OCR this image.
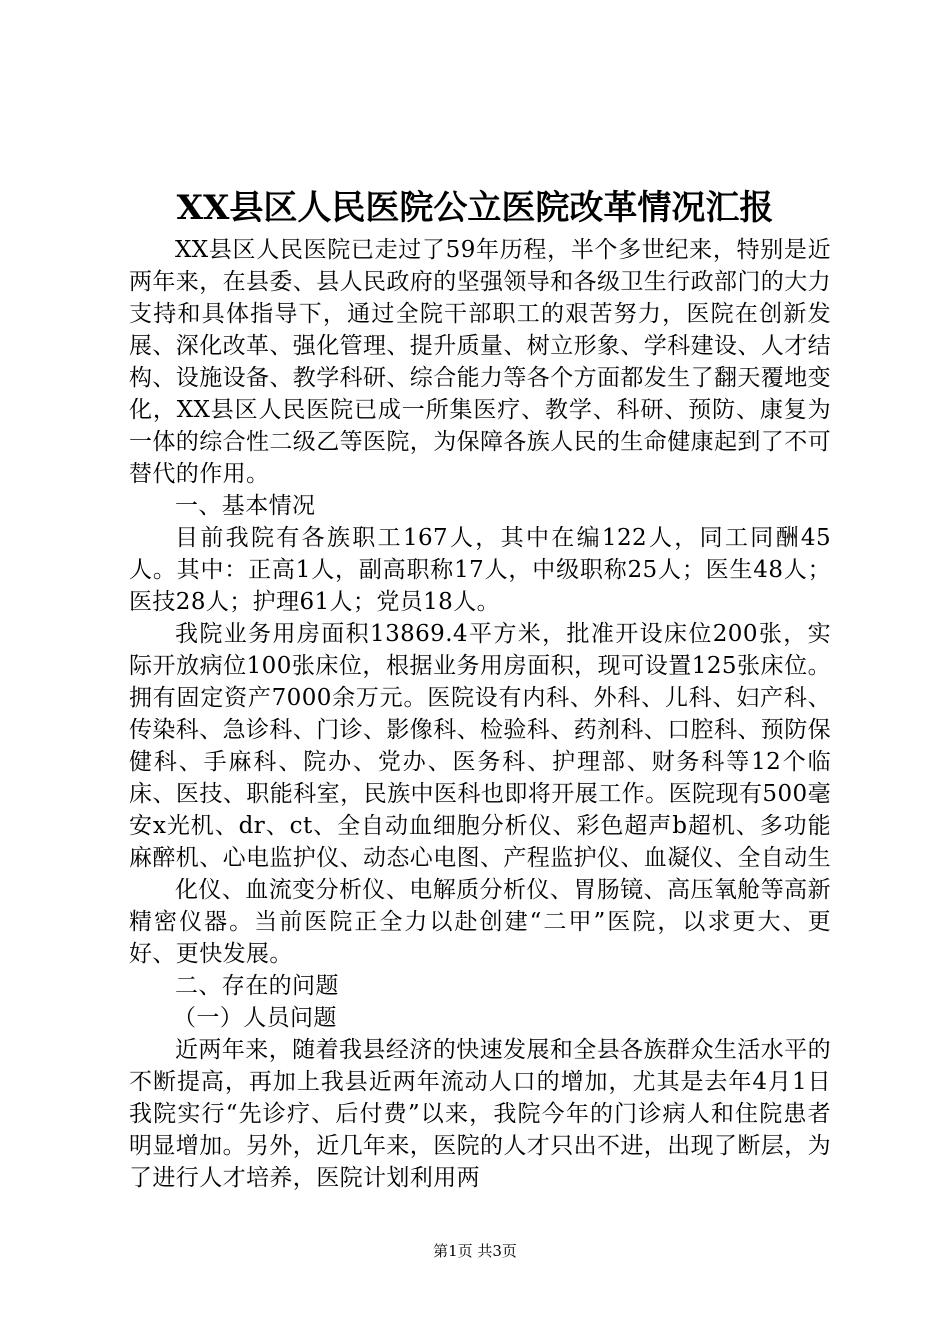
XX县区人民医院公立医院改革情况汇报

XX县区人民医院已走过了59年历程，半个多世纪来，特别是近两年来，在县委、县人民政府的坚强领导和各级卫生行政部门的大力支持和具体指导下，通过全院干部职工的艰苦努力，医院在创新发展、深化改革、强化管理、提升质量、树立形象、学科建设、人才结构、设施设备、教学科研、综合能力等各个方面都发生了翻天覆地变化，XX县区人民医院已成一所集医疗、教学、科研、预防、康复为一体的综合性二级乙等医院，为保障各族人民的生命健康起到了不可替代的作用。

一、基本情况

目前我院有各族职工167人，其中在编122人，同工同酬45人。其中：正高1人，副高职称17人，中级职称25人；医生48人；医技28人；护理61人；党员18人。

我院业务用房面积13869.4平方米，批准开设床位200张，实际开放病位100张床位，根据业务用房面积，现可设置125张床位。拥有固定资产7000余万元。医院设有内科、外科、儿科、妇产科、传染科、急诊科、门诊、影像科、检验科、药剂科、口腔科、预防保健科、手麻科、院办、党办、医务科、护理部、财务科等12个临床、医技、职能科室，民族中医科也即将开展工作。医院现有500毫安x光机、dr、ct、全自动血细胞分析仪、彩色超声b超机、多功能麻醉机、心电监护仪、动态心电图、产程监护仪、血凝仪、全自动生

化仪、血流变分析仪、电解质分析仪、胃肠镜、高压氧舱等高新精密仪器。当前医院正全力以赴创建“二甲”医院，以求更大、更好、更快发展。

二、存在的问题

（一）人员问题

近两年来，随着我县经济的快速发展和全县各族群众生活水平的不断提高，再加上我县近两年流动人口的增加，尤其是去年4月1日我院实行“先诊疗、后付费”以来，我院今年的门诊病人和住院患者明显增加。另外，近几年来，医院的人才只出不进，出现了断层，为了进行人才培养，医院计划利用两

第1页 共3页
